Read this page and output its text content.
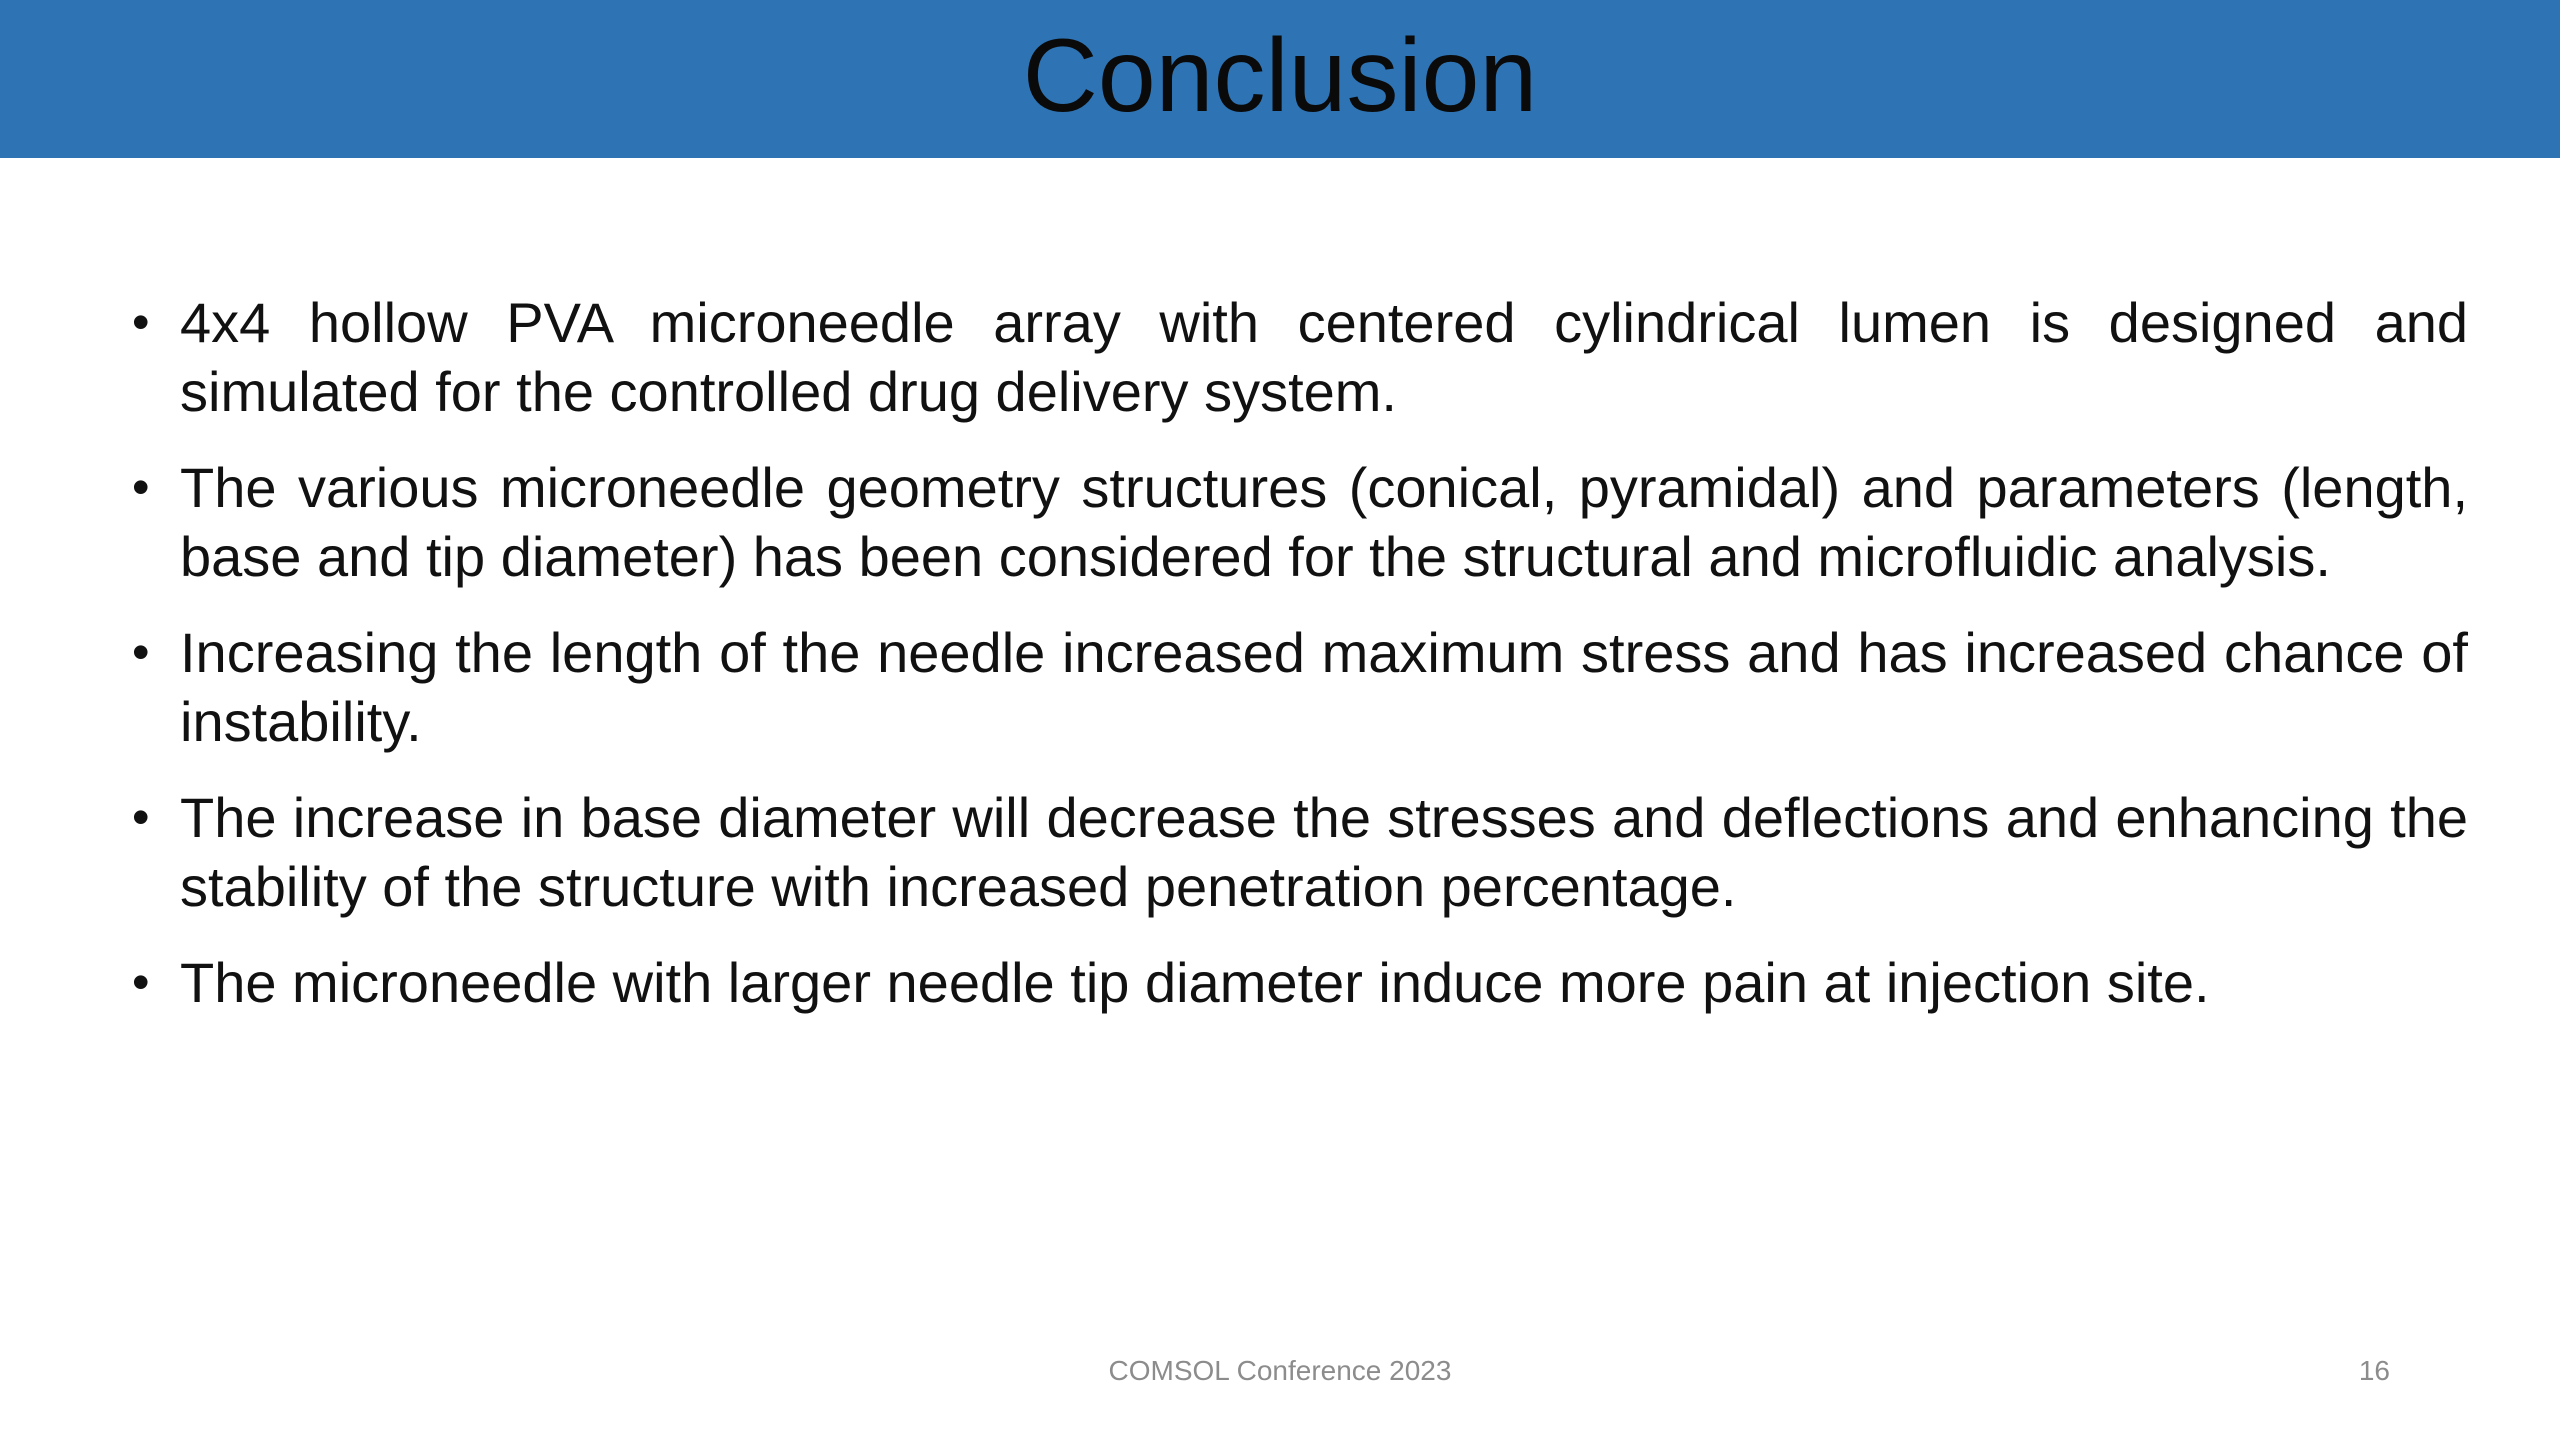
Conclusion
• 4x4 hollow PVA microneedle array with centered cylindrical lumen is designed and simulated for the controlled drug delivery system.
• The various microneedle geometry structures (conical, pyramidal) and parameters (length, base and tip diameter) has been considered for the structural and microfluidic analysis.
• Increasing the length of the needle increased maximum stress and has increased chance of instability.
• The increase in base diameter will decrease the stresses and deflections and enhancing the stability of the structure with increased penetration percentage.
• The microneedle with larger needle tip diameter induce more pain at injection site.
COMSOL Conference 2023	16
